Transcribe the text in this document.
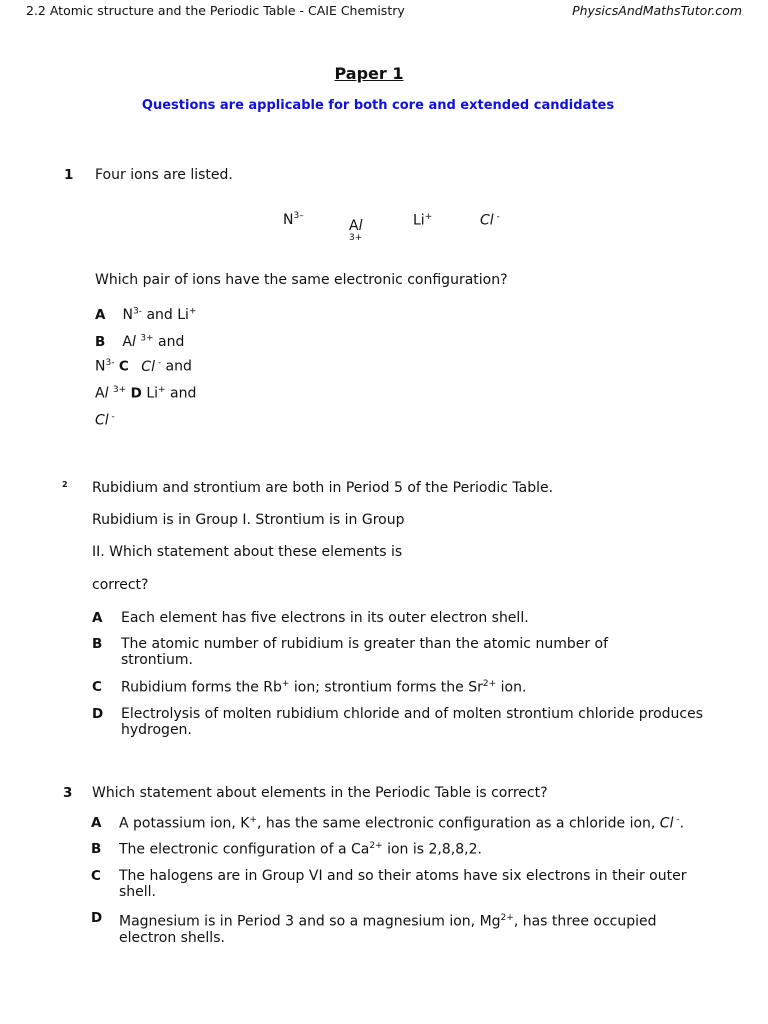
2.2 Atomic structure and the Periodic Table - CAIE Chemistry	PhysicsAndMathsTutor.com
Paper 1
Questions are applicable for both core and extended candidates
1 Four ions are listed.
$N^{3-}$
Al
3+
Li+	Cl -
Which pair of ions have the same electronic configuration?
A $N^{3-}$ and Li+
B Al $^{3+}$ and
$N^{3-}$ C Cl - and
Al $^{3+}$ D Li+ and
Cl -
2 Rubidium and strontium are both in Period 5 of the Periodic Table.
Rubidium is in Group I. Strontium is in Group
II. Which statement about these elements is
correct?
A Each element has five electrons in its outer electron shell.
B The atomic number of rubidium is greater than the atomic number of strontium.
C Rubidium forms the Rb+ ion; strontium forms the $Sr^{2+}$ ion.
D Electrolysis of molten rubidium chloride and of molten strontium chloride produces hydrogen.
3 Which statement about elements in the Periodic Table is correct?
A A potassium ion, K+, has the same electronic configuration as a chloride ion, Cl -.
B The electronic configuration of a $Ca^{2+}$ ion is 2,8,8,2.
C The halogens are in Group VI and so their atoms have six electrons in their outer shell.
D Magnesium is in Period 3 and so a magnesium ion, $Mg^{2+}$, has three occupied electron shells.
